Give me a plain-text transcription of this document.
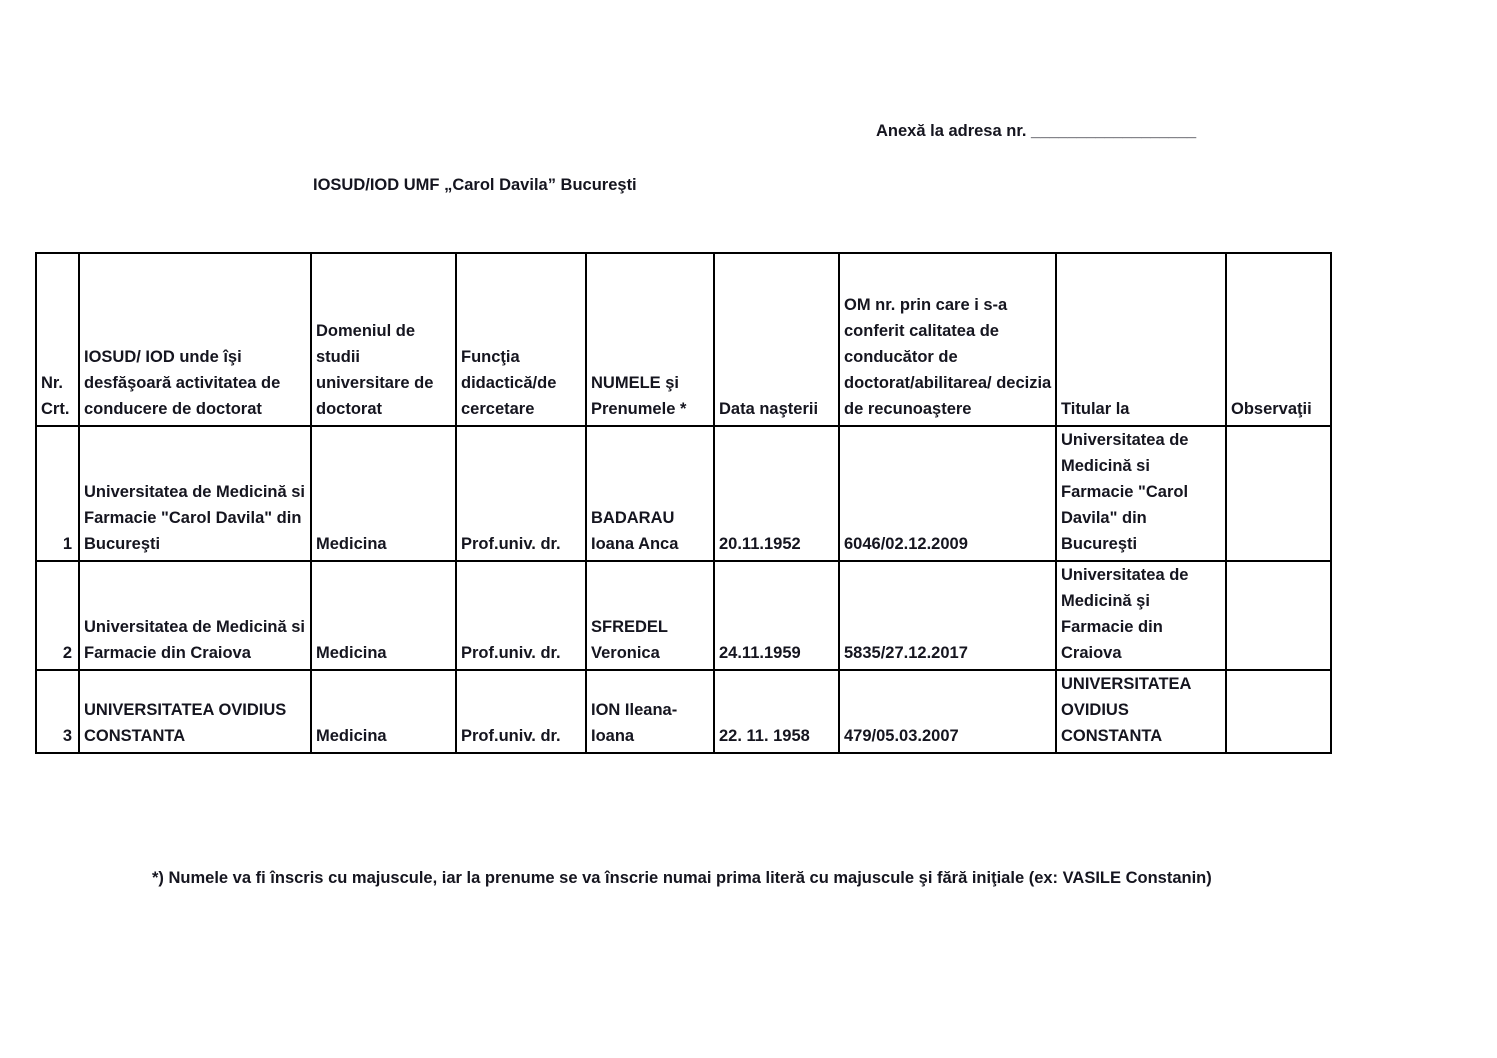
Anexă la adresa nr. __________________
IOSUD/IOD UMF „Carol Davila” Bucureşti
Nr. Crt.	IOSUD/ IOD unde îşi desfăşoară activitatea de conducere de doctorat	Domeniul de studii universitare de doctorat	Funcţia didactică/de cercetare	NUMELE şi Prenumele *	Data naşterii	OM nr. prin care i s-a conferit calitatea de conducător de doctorat/abilitarea/ decizia de recunoaştere	Titular la	Observaţii
1	Universitatea de Medicină si Farmacie "Carol Davila" din Bucureşti	Medicina	Prof.univ. dr.	BADARAU Ioana Anca	20.11.1952	6046/02.12.2009	Universitatea de Medicină si Farmacie "Carol Davila" din Bucureşti	
2	Universitatea de Medicină si Farmacie din Craiova	Medicina	Prof.univ. dr.	SFREDEL Veronica	24.11.1959	5835/27.12.2017	Universitatea de Medicină şi Farmacie din Craiova	
3	UNIVERSITATEA OVIDIUS CONSTANTA	Medicina	Prof.univ. dr.	ION Ileana-Ioana	22. 11. 1958	479/05.03.2007	UNIVERSITATEA OVIDIUS CONSTANTA	
*) Numele va fi înscris cu majuscule, iar la prenume se va înscrie numai prima literă cu majuscule şi fără iniţiale (ex: VASILE Constanin)
